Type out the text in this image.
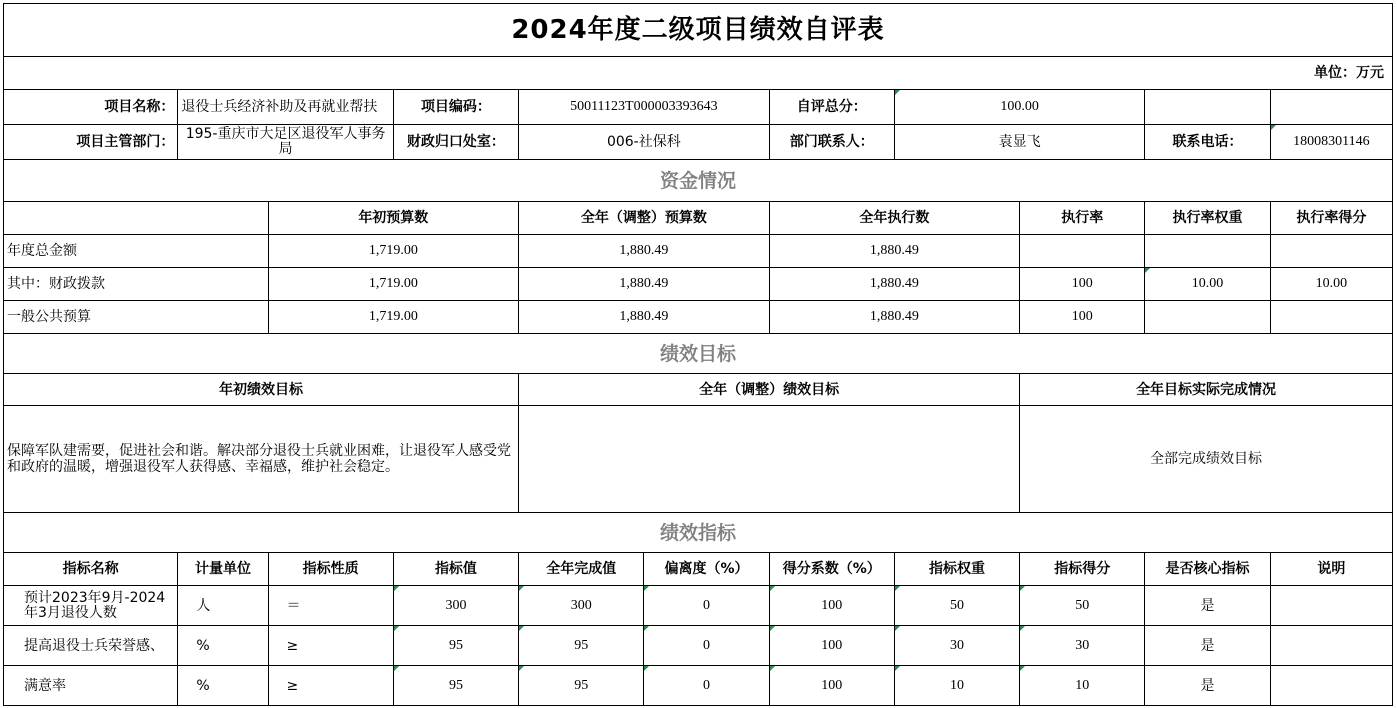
2024年度二级项目绩效自评表										
单位：万元										
项目名称：	退役士兵经济补助及再就业帮扶		项目编码：	50011123T000003393643		自评总分：	100.00			
项目主管部门：	195-重庆市大足区退役军人事务局		财政归口处室：	006-社保科		部门联系人：	袁显飞		联系电话：	18008301146
资金情况										
		年初预算数		全年（调整）预算数		全年执行数		执行率	执行率权重	执行率得分
年度总金额		1,719.00		1,880.49		1,880.49				
其中：财政拨款		1,719.00		1,880.49		1,880.49		100	10.00	10.00
一般公共预算		1,719.00		1,880.49		1,880.49		100		
绩效目标										
年初绩效目标				全年（调整）绩效目标				全年目标实际完成情况		
保障军队建需要，促进社会和谐。解决部分退役士兵就业困难，让退役军人感受党和政府的温暖，增强退役军人获得感、幸福感，维护社会稳定。								全部完成绩效目标		
绩效指标										
指标名称	计量单位	指标性质	指标值	全年完成值	偏离度（%）	得分系数（%）	指标权重	指标得分	是否核心指标	说明
预计2023年9月-2024年3月退役人数	人	＝	300	300	0	100	50	50	是	
提高退役士兵荣誉感、	%	≥	95	95	0	100	30	30	是	
满意率	%	≥	95	95	0	100	10	10	是	
